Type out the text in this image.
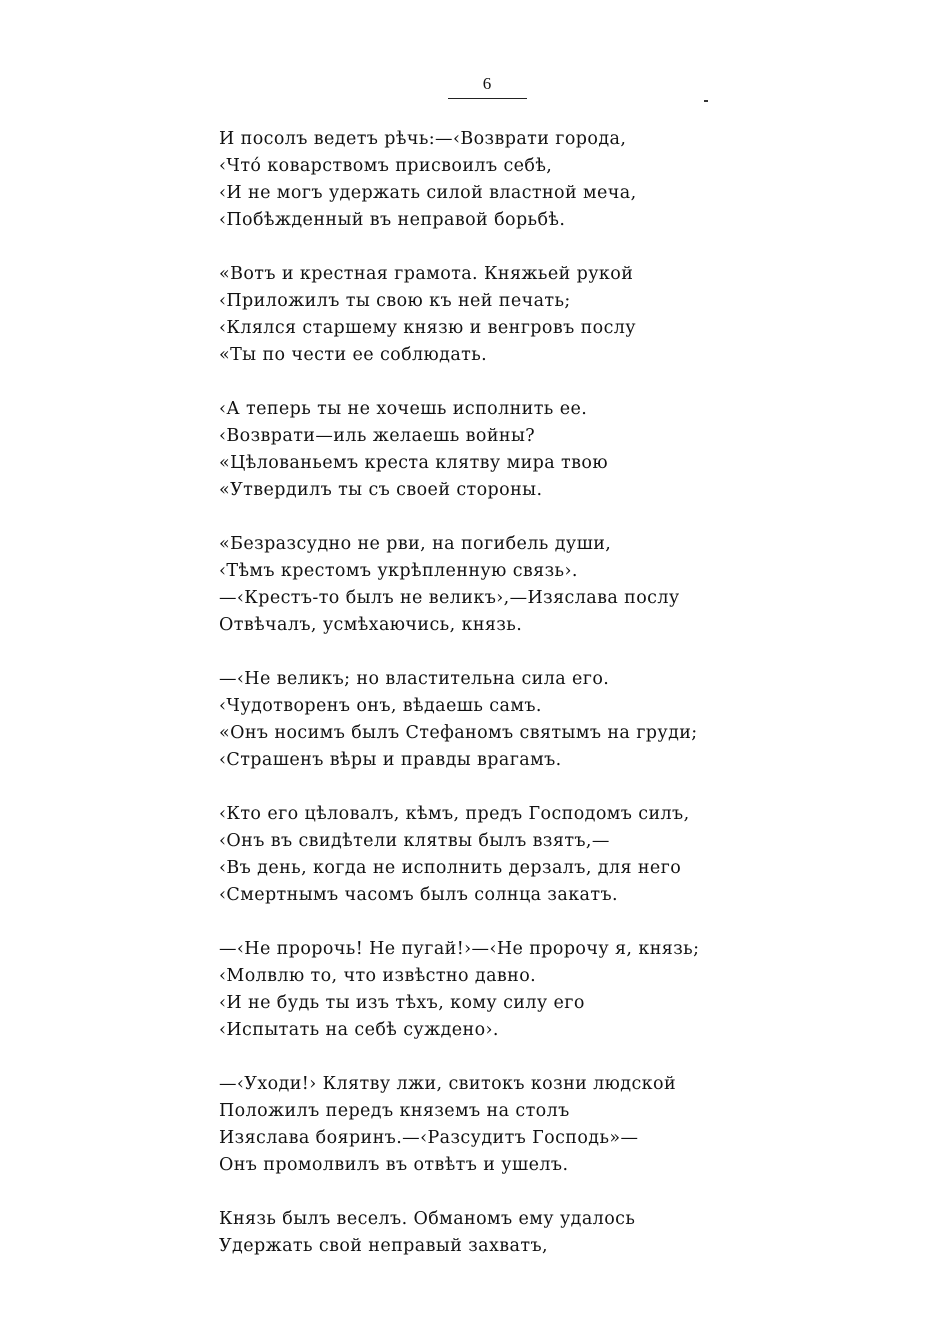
6
И посолъ ведетъ рѣчь:—‹Возврати города,
‹Чтó коварствомъ присвоилъ себѣ,
‹И не могъ удержать силой властной меча,
‹Побѣжденный въ неправой борьбѣ.
«Вотъ и крестная грамота. Княжьей рукой
‹Приложилъ ты свою къ ней печать;
‹Клялся старшему князю и венгровъ послу
«Ты по чести ее соблюдать.
‹А теперь ты не хочешь исполнить ее.
‹Возврати—иль желаешь войны?
«Цѣлованьемъ креста клятву мира твою
«Утвердилъ ты съ своей стороны.
«Безразсудно не рви, на погибель души,
‹Тѣмъ крестомъ укрѣпленную связь›.
—‹Крестъ-то былъ не великъ›,—Изяслава послу
Отвѣчалъ, усмѣхаючись, князь.
—‹Не великъ; но властительна сила его.
‹Чудотворенъ онъ, вѣдаешь самъ.
«Онъ носимъ былъ Стефаномъ святымъ на груди;
‹Страшенъ вѣры и правды врагамъ.
‹Кто его цѣловалъ, кѣмъ, предъ Господомъ силъ,
‹Онъ въ свидѣтели клятвы былъ взятъ,—
‹Въ день, когда не исполнить дерзалъ, для него
‹Смертнымъ часомъ былъ солнца закатъ.
—‹Не пророчь! Не пугай!›—‹Не пророчу я, князь;
‹Молвлю то, что извѣстно давно.
‹И не будь ты изъ тѣхъ, кому силу его
‹Испытать на себѣ суждено›.
—‹Уходи!› Клятву лжи, свитокъ козни людской
Положилъ передъ княземъ на столъ
Изяслава бояринъ.—‹Разсудитъ Господь»—
Онъ промолвилъ въ отвѣтъ и ушелъ.
Князь былъ веселъ. Обманомъ ему удалось
Удержать свой неправый захватъ,
